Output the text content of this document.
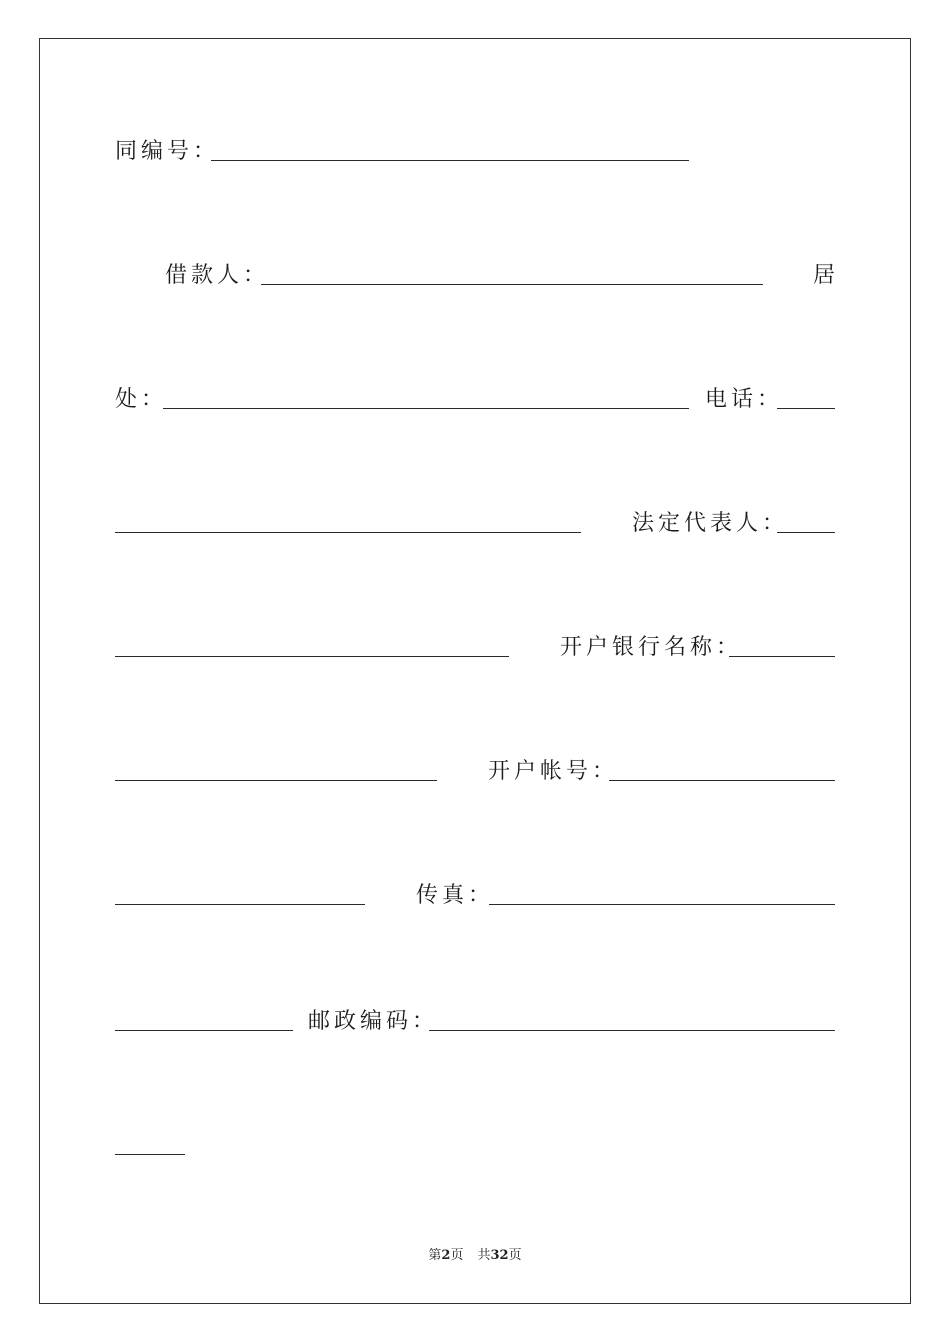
同编号：
借款人：	居
处：	电话：
法定代表人：
开户银行名称：
开户帐号：
传真：
邮政编码：
第2页 共32页
